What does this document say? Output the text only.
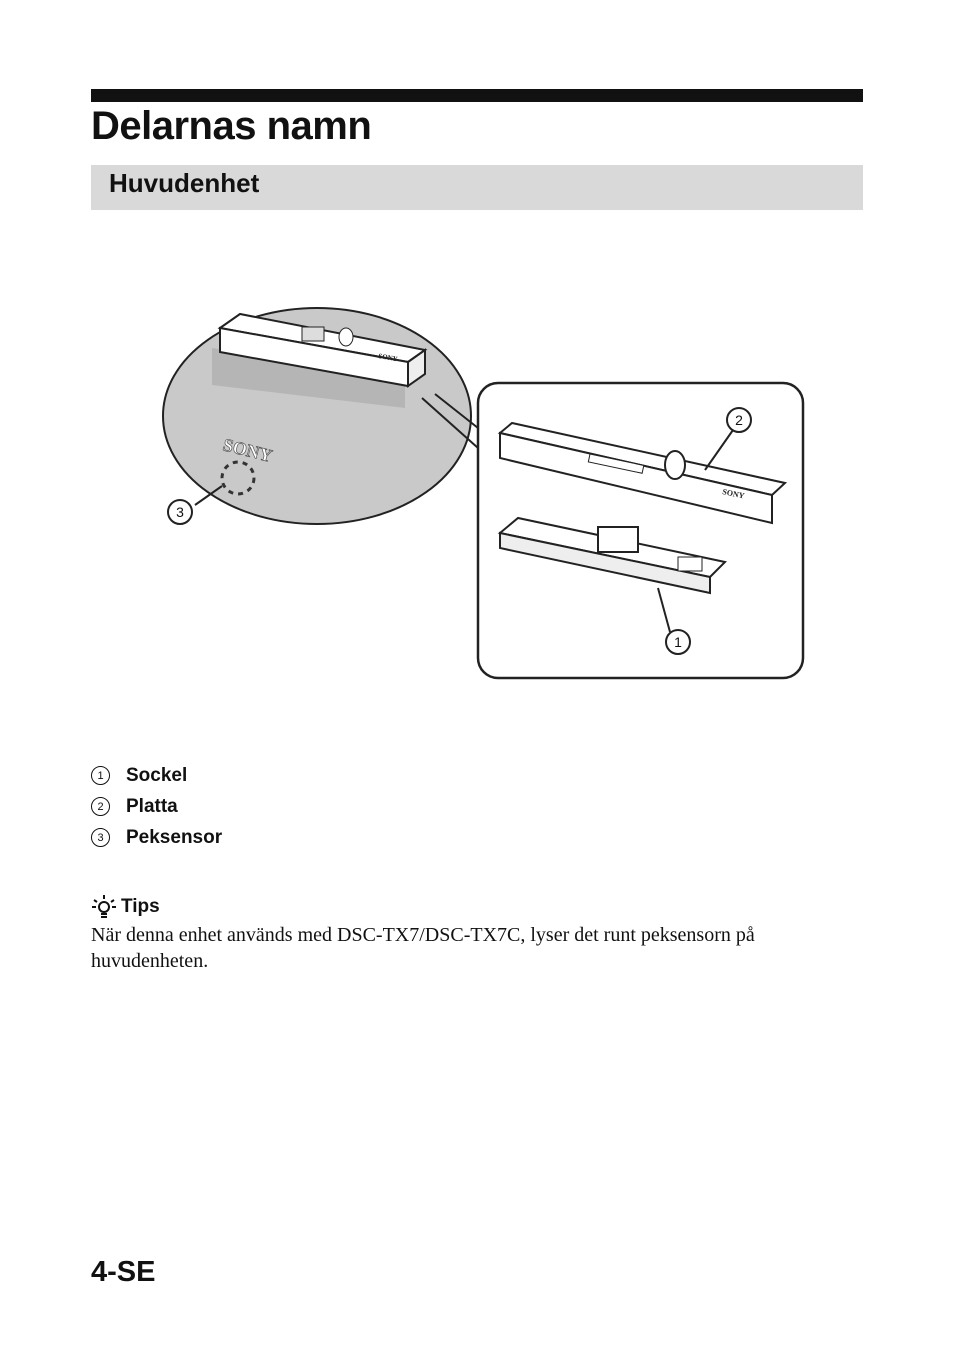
Delarnas namn
Huvudenhet
SONY
SONY
3
SONY
2
1
1	Sockel
2	Platta
3	Peksensor
Tips
När denna enhet används med DSC-TX7/DSC-TX7C, lyser det runt peksensorn på huvudenheten.
4-SE
